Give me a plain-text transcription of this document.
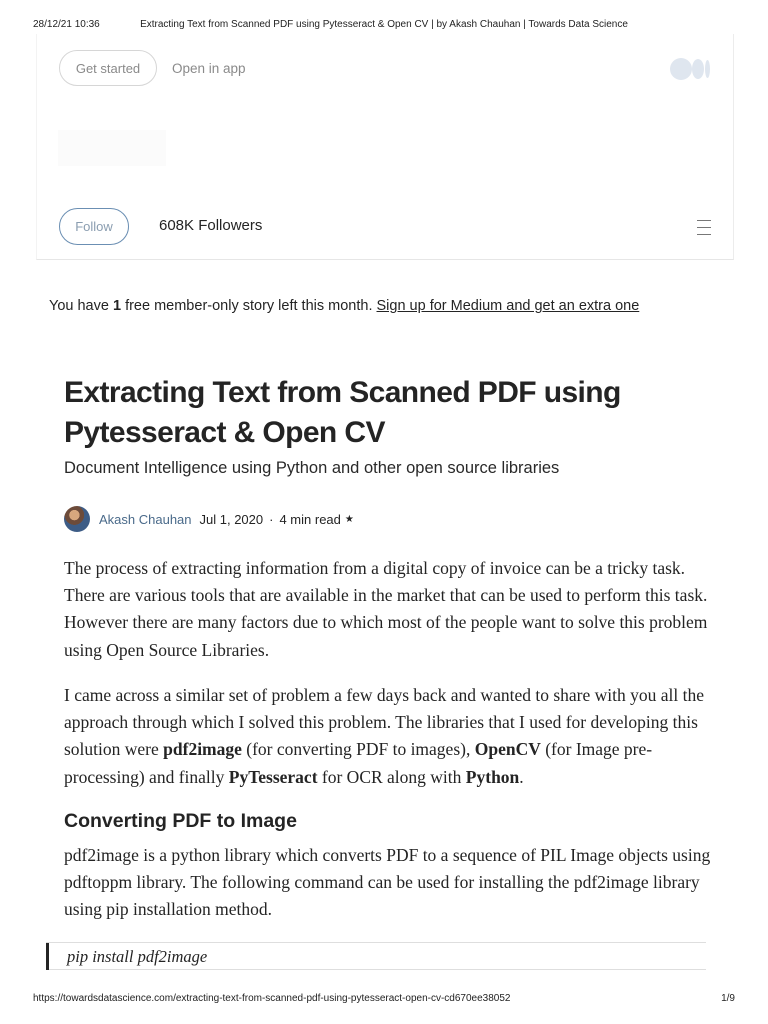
28/12/21 10:36	Extracting Text from Scanned PDF using Pytesseract & Open CV | by Akash Chauhan | Towards Data Science
Get started	Open in app
Follow	608K Followers
You have 1 free member-only story left this month. Sign up for Medium and get an extra one
Extracting Text from Scanned PDF using Pytesseract & Open CV
Document Intelligence using Python and other open source libraries
Akash Chauhan Jul 1, 2020 · 4 min read ★

The process of extracting information from a digital copy of invoice can be a tricky task. There are various tools that are available in the market that can be used to perform this task. However there are many factors due to which most of the people want to solve this problem using Open Source Libraries.

I came across a similar set of problem a few days back and wanted to share with you all the approach through which I solved this problem. The libraries that I used for developing this solution were pdf2image (for converting PDF to images), OpenCV (for Image pre-processing) and finally PyTesseract for OCR along with Python.

Converting PDF to Image

pdf2image is a python library which converts PDF to a sequence of PIL Image objects using pdftoppm library. The following command can be used for installing the pdf2image library using pip installation method.

pip install pdf2image
https://towardsdatascience.com/extracting-text-from-scanned-pdf-using-pytesseract-open-cv-cd670ee38052	1/9
